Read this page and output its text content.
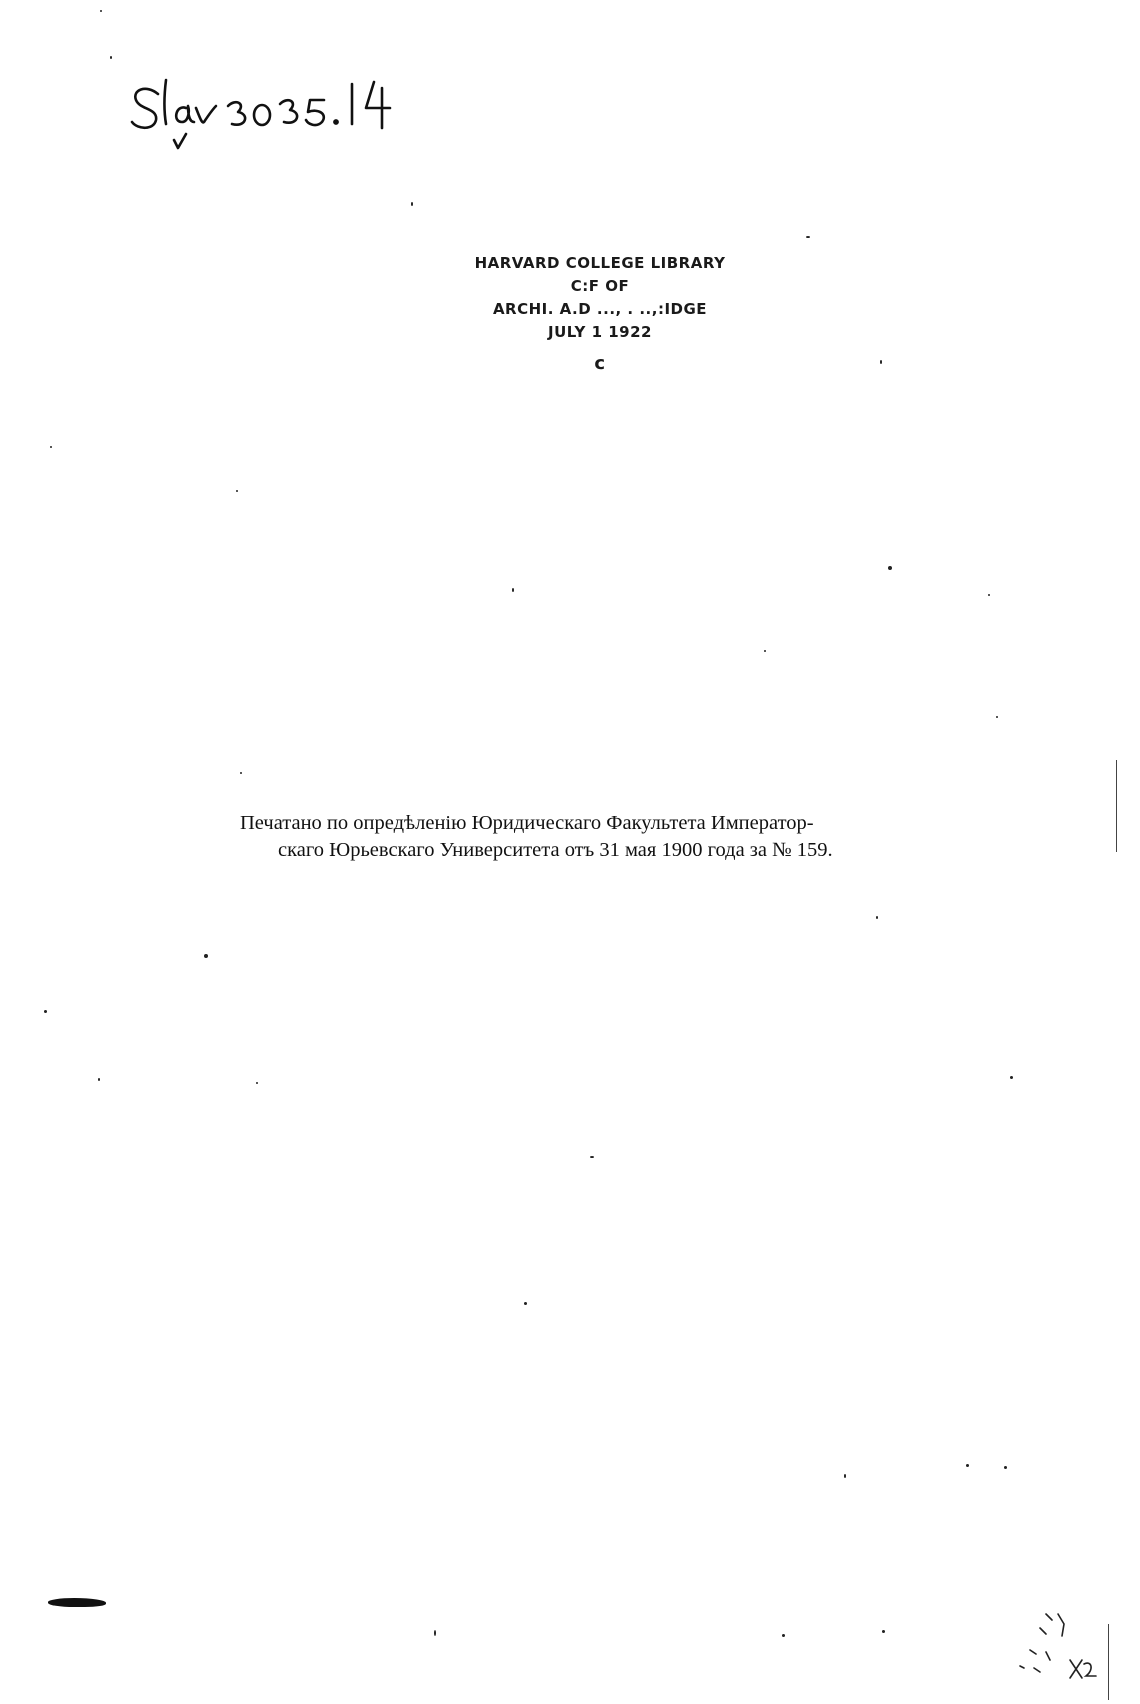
HARVARD COLLEGE LIBRARY
C:F OF
ARCHI. A.D ..., . ..,:IDGE
JULY 1 1922
c
Печатано по опредѣленію Юридическаго Факультета Император-
скаго Юрьевскаго Университета отъ 31 мая 1900 года за № 159.
